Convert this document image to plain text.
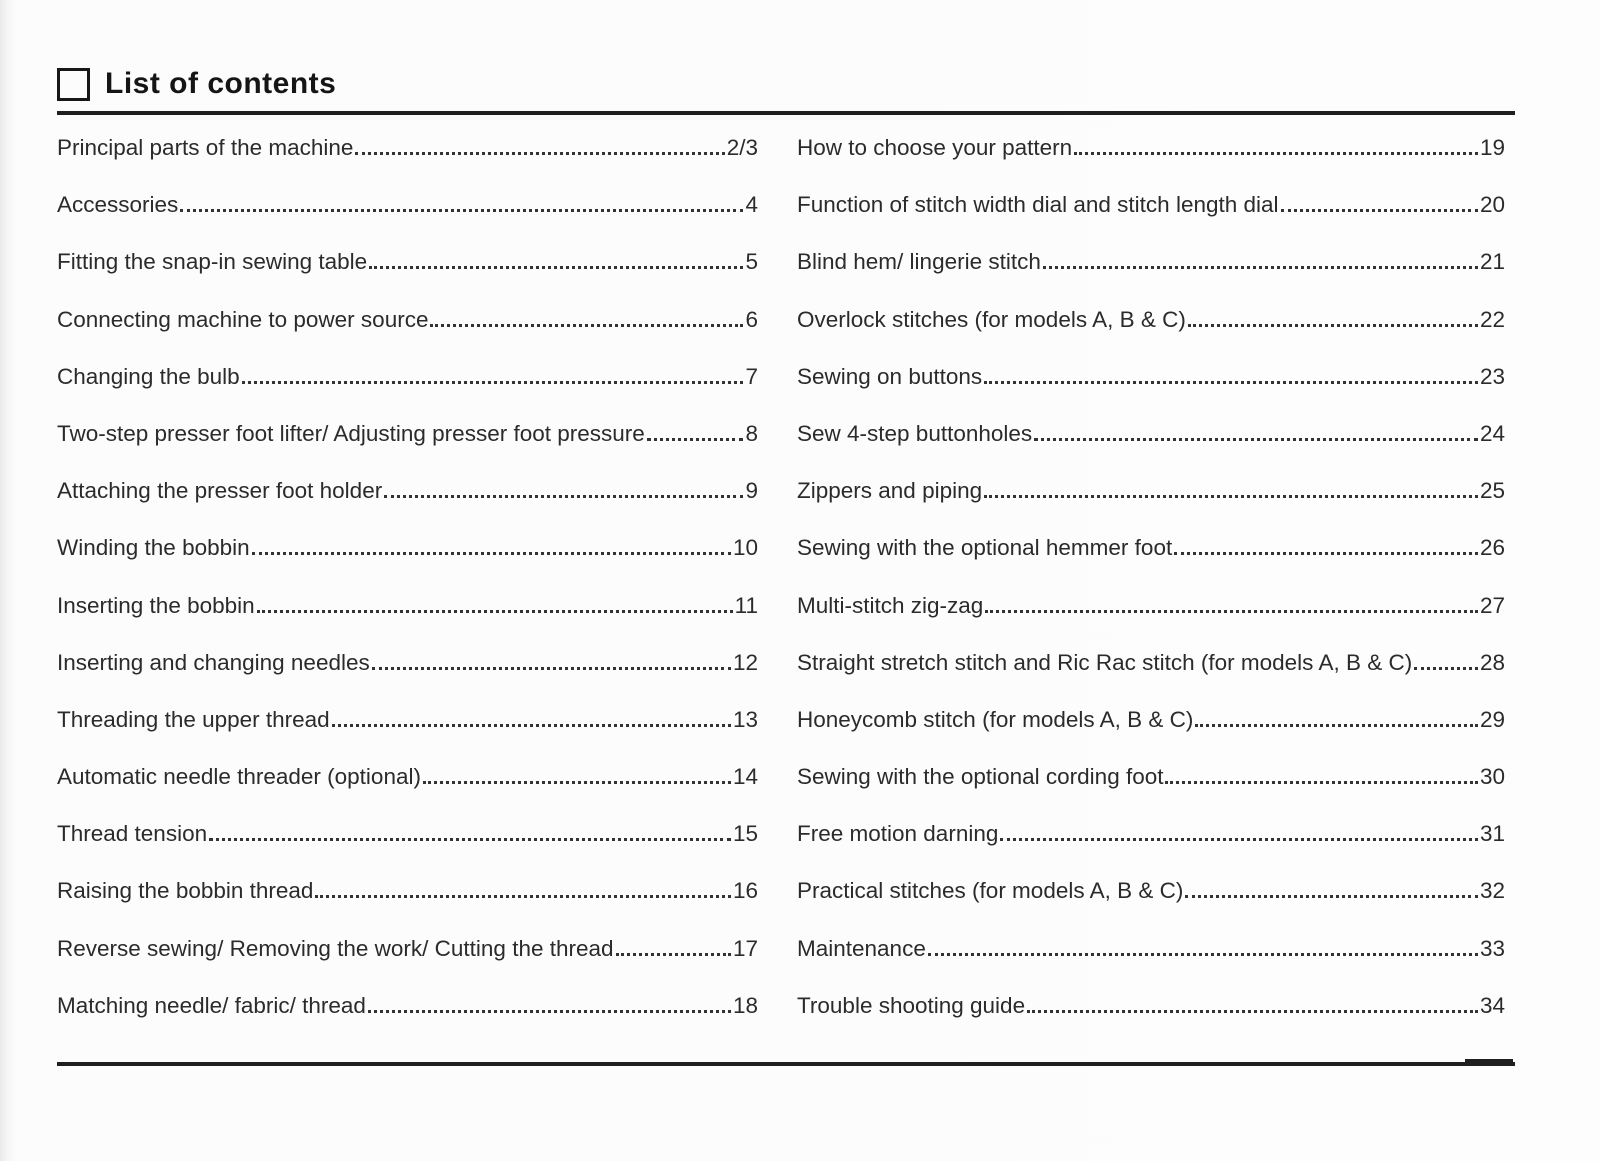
List of contents
Principal parts of the machine	2/3
Accessories	4
Fitting the snap-in sewing table	5
Connecting machine to power source	6
Changing the bulb	7
Two-step presser foot lifter/ Adjusting presser foot pressure	8
Attaching the presser foot holder	9
Winding the bobbin	10
Inserting the bobbin	11
Inserting and changing needles	12
Threading the upper thread	13
Automatic needle threader (optional)	14
Thread tension	15
Raising the bobbin thread	16
Reverse sewing/ Removing the work/ Cutting the thread	17
Matching needle/ fabric/ thread	18
How to choose your pattern	19
Function of stitch width dial and stitch length dial	20
Blind hem/ lingerie stitch	21
Overlock stitches (for models A, B & C)	22
Sewing on buttons	23
Sew 4-step buttonholes	24
Zippers and piping	25
Sewing with the optional hemmer foot	26
Multi-stitch zig-zag	27
Straight stretch stitch and Ric Rac stitch (for models A, B & C)	28
Honeycomb stitch (for models A, B & C)	29
Sewing with the optional cording foot	30
Free motion darning	31
Practical stitches (for models A, B & C)	32
Maintenance	33
Trouble shooting guide	34
